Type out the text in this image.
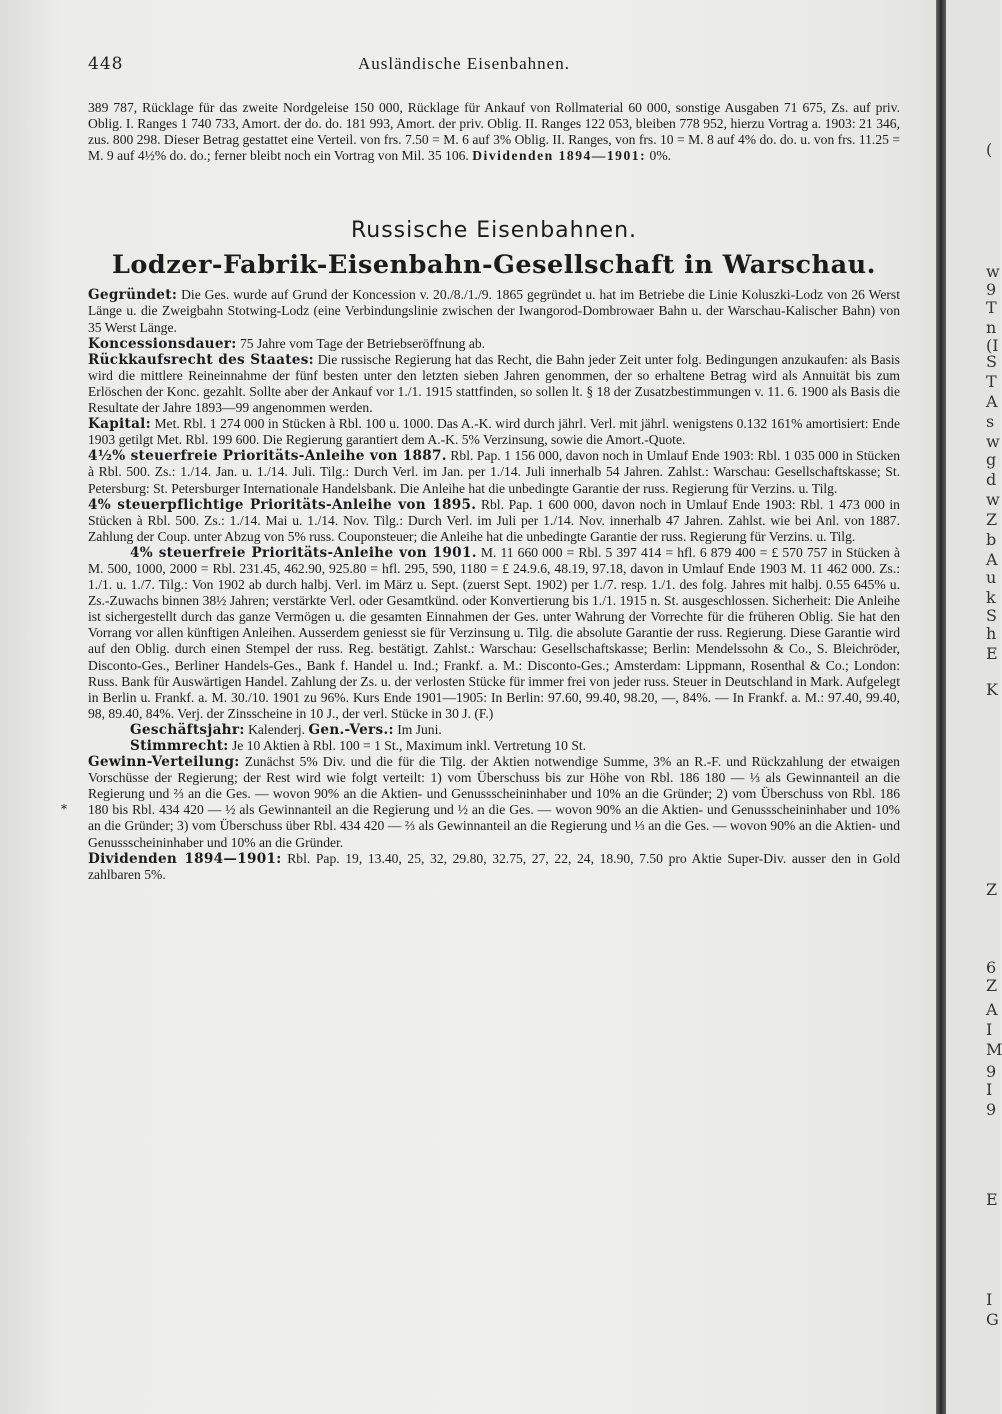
448	Ausländische Eisenbahnen.

389 787, Rücklage für das zweite Nordgeleise 150 000, Rücklage für Ankauf von Rollmaterial 60 000, sonstige Ausgaben 71 675, Zs. auf priv. Oblig. I. Ranges 1 740 733, Amort. der do. do. 181 993, Amort. der priv. Oblig. II. Ranges 122 053, bleiben 778 952, hierzu Vortrag a. 1903: 21 346, zus. 800 298. Dieser Betrag gestattet eine Verteil. von frs. 7.50 = M. 6 auf 3% Oblig. II. Ranges, von frs. 10 = M. 8 auf 4% do. do. u. von frs. 11.25 = M. 9 auf 4½% do. do.; ferner bleibt noch ein Vortrag von Mil. 35 106. Dividenden 1894—1901: 0%.

Russische Eisenbahnen.
Lodzer-Fabrik-Eisenbahn-Gesellschaft in Warschau.

Gegründet: Die Ges. wurde auf Grund der Koncession v. 20./8./1./9. 1865 gegründet u. hat im Betriebe die Linie Koluszki-Lodz von 26 Werst Länge u. die Zweigbahn Stotwing-Lodz (eine Verbindungslinie zwischen der Iwangorod-Dombrowaer Bahn u. der Warschau-Kalischer Bahn) von 35 Werst Länge.

Koncessionsdauer: 75 Jahre vom Tage der Betriebseröffnung ab.

Rückkaufsrecht des Staates: Die russische Regierung hat das Recht, die Bahn jeder Zeit unter folg. Bedingungen anzukaufen: als Basis wird die mittlere Reineinnahme der fünf besten unter den letzten sieben Jahren genommen, der so erhaltene Betrag wird als Annuität bis zum Erlöschen der Konc. gezahlt. Sollte aber der Ankauf vor 1./1. 1915 stattfinden, so sollen lt. § 18 der Zusatzbestimmungen v. 11. 6. 1900 als Basis die Resultate der Jahre 1893—99 angenommen werden.

Kapital: Met. Rbl. 1 274 000 in Stücken à Rbl. 100 u. 1000. Das A.-K. wird durch jährl. Verl. mit jährl. wenigstens 0.132 161% amortisiert: Ende 1903 getilgt Met. Rbl. 199 600. Die Regierung garantiert dem A.-K. 5% Verzinsung, sowie die Amort.-Quote.

4½% steuerfreie Prioritäts-Anleihe von 1887. Rbl. Pap. 1 156 000, davon noch in Umlauf Ende 1903: Rbl. 1 035 000 in Stücken à Rbl. 500. Zs.: 1./14. Jan. u. 1./14. Juli. Tilg.: Durch Verl. im Jan. per 1./14. Juli innerhalb 54 Jahren. Zahlst.: Warschau: Gesellschaftskasse; St. Petersburg: St. Petersburger Internationale Handelsbank. Die Anleihe hat die unbedingte Garantie der russ. Regierung für Verzins. u. Tilg.

4% steuerpflichtige Prioritäts-Anleihe von 1895. Rbl. Pap. 1 600 000, davon noch in Umlauf Ende 1903: Rbl. 1 473 000 in Stücken à Rbl. 500. Zs.: 1./14. Mai u. 1./14. Nov. Tilg.: Durch Verl. im Juli per 1./14. Nov. innerhalb 47 Jahren. Zahlst. wie bei Anl. von 1887. Zahlung der Coup. unter Abzug von 5% russ. Couponsteuer; die Anleihe hat die unbedingte Garantie der russ. Regierung für Verzins. u. Tilg.

4% steuerfreie Prioritäts-Anleihe von 1901. M. 11 660 000 = Rbl. 5 397 414 = hfl. 6 879 400 = £ 570 757 in Stücken à M. 500, 1000, 2000 = Rbl. 231.45, 462.90, 925.80 = hfl. 295, 590, 1180 = £ 24.9.6, 48.19, 97.18, davon in Umlauf Ende 1903 M. 11 462 000. Zs.: 1./1. u. 1./7. Tilg.: Von 1902 ab durch halbj. Verl. im März u. Sept. (zuerst Sept. 1902) per 1./7. resp. 1./1. des folg. Jahres mit halbj. 0.55 645% u. Zs.-Zuwachs binnen 38½ Jahren; verstärkte Verl. oder Gesamtkünd. oder Konvertierung bis 1./1. 1915 n. St. ausgeschlossen. Sicherheit: Die Anleihe ist sichergestellt durch das ganze Vermögen u. die gesamten Einnahmen der Ges. unter Wahrung der Vorrechte für die früheren Oblig. Sie hat den Vorrang vor allen künftigen Anleihen. Ausserdem geniesst sie für Verzinsung u. Tilg. die absolute Garantie der russ. Regierung. Diese Garantie wird auf den Oblig. durch einen Stempel der russ. Reg. bestätigt. Zahlst.: Warschau: Gesellschaftskasse; Berlin: Mendelssohn & Co., S. Bleichröder, Disconto-Ges., Berliner Handels-Ges., Bank f. Handel u. Ind.; Frankf. a. M.: Disconto-Ges.; Amsterdam: Lippmann, Rosenthal & Co.; London: Russ. Bank für Auswärtigen Handel. Zahlung der Zs. u. der verlosten Stücke für immer frei von jeder russ. Steuer in Deutschland in Mark. Aufgelegt in Berlin u. Frankf. a. M. 30./10. 1901 zu 96%. Kurs Ende 1901—1905: In Berlin: 97.60, 99.40, 98.20, —, 84%. — In Frankf. a. M.: 97.40, 99.40, 98, 89.40, 84%. Verj. der Zinsscheine in 10 J., der verl. Stücke in 30 J. (F.)

Geschäftsjahr: Kalenderj. Gen.-Vers.: Im Juni.

Stimmrecht: Je 10 Aktien à Rbl. 100 = 1 St., Maximum inkl. Vertretung 10 St.

Gewinn-Verteilung: Zunächst 5% Div. und die für die Tilg. der Aktien notwendige Summe, 3% an R.-F. und Rückzahlung der etwaigen Vorschüsse der Regierung; der Rest wird wie folgt verteilt: 1) vom Überschuss bis zur Höhe von Rbl. 186 180 — ⅓ als Gewinnanteil an die Regierung und ⅔ an die Ges. — wovon 90% an die Aktien- und Genussscheininhaber und 10% an die Gründer; 2) vom Überschuss von Rbl. 186 180 bis Rbl. 434 420 — ½ als Gewinnanteil an die Regierung und ½ an die Ges. — wovon 90% an die Aktien- und Genussscheininhaber und 10% an die Gründer; 3) vom Überschuss über Rbl. 434 420 — ⅔ als Gewinnanteil an die Regierung und ⅓ an die Ges. — wovon 90% an die Aktien- und Genussscheininhaber und 10% an die Gründer.

Dividenden 1894—1901: Rbl. Pap. 19, 13.40, 25, 32, 29.80, 32.75, 27, 22, 24, 18.90, 7.50 pro Aktie Super-Div. ausser den in Gold zahlbaren 5%.

*
(
w
9
T
n
(I
S
T
A
s
w
g
d
w
Z
b
A
u
k
S
h
E
K
Z
6
Z
A
I
M
9
I
9
E
I
G
